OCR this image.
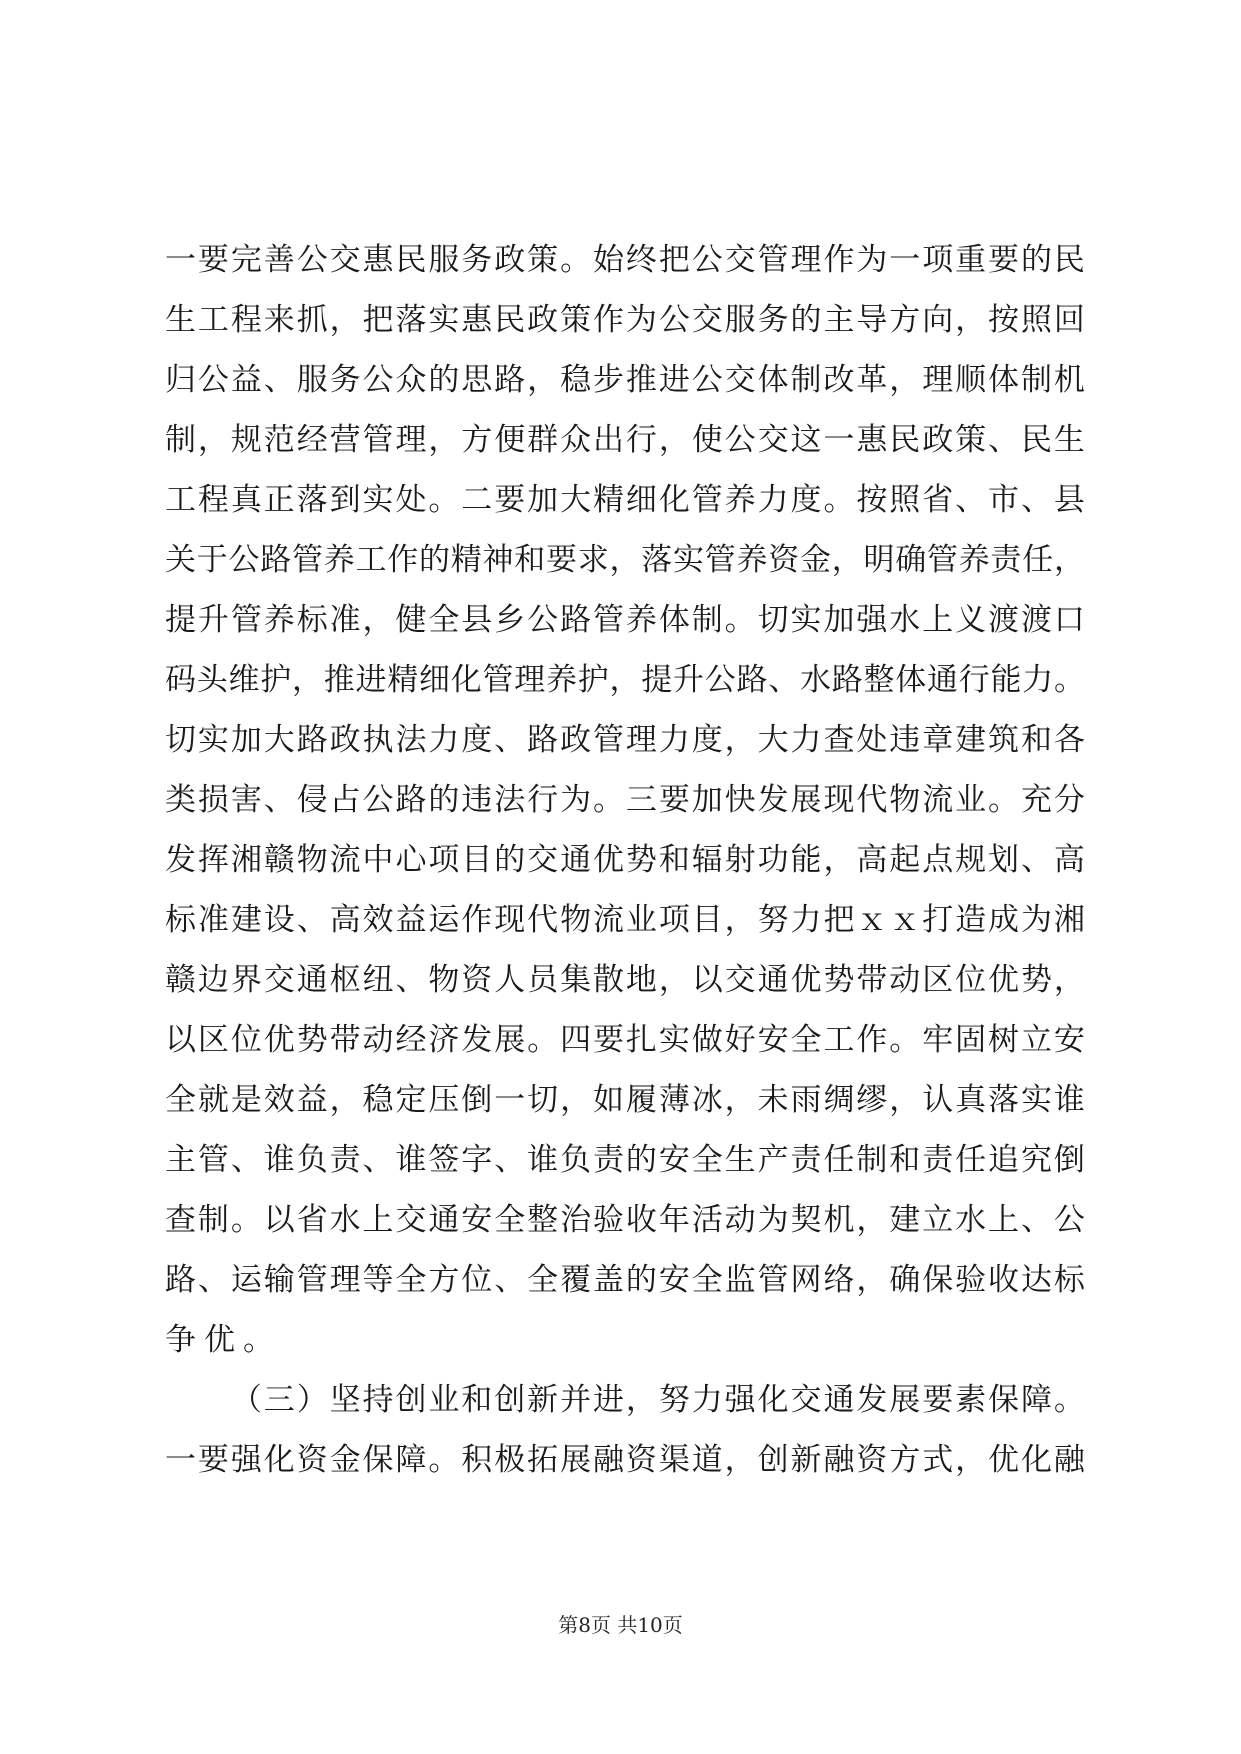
一 要 完 善 公 交 惠 民 服 务 政 策 。 始 终 把 公 交 管 理 作 为 一 项 重 要 的 民
生 工 程 来 抓 ， 把 落 实 惠 民 政 策 作 为 公 交 服 务 的 主 导 方 向 ， 按 照 回
归 公 益 、 服 务 公 众 的 思 路 ， 稳 步 推 进 公 交 体 制 改 革 ， 理 顺 体 制 机
制 ， 规 范 经 营 管 理 ， 方 便 群 众 出 行 ， 使 公 交 这 一 惠 民 政 策 、 民 生
工 程 真 正 落 到 实 处 。 二 要 加 大 精 细 化 管 养 力 度 。 按 照 省 、 市 、 县
关 于 公 路 管 养 工 作 的 精 神 和 要 求 ， 落 实 管 养 资 金 ， 明 确 管 养 责 任 ，
提 升 管 养 标 准 ， 健 全 县 乡 公 路 管 养 体 制 。 切 实 加 强 水 上 义 渡 渡 口
码 头 维 护 ， 推 进 精 细 化 管 理 养 护 ， 提 升 公 路 、 水 路 整 体 通 行 能 力 。
切 实 加 大 路 政 执 法 力 度 、 路 政 管 理 力 度 ， 大 力 查 处 违 章 建 筑 和 各
类 损 害 、 侵 占 公 路 的 违 法 行 为 。 三 要 加 快 发 展 现 代 物 流 业 。 充 分
发 挥 湘 赣 物 流 中 心 项 目 的 交 通 优 势 和 辐 射 功 能 ， 高 起 点 规 划 、 高
标 准 建 设 、 高 效 益 运 作 现 代 物 流 业 项 目 ， 努 力 把 ｘ ｘ 打 造 成 为 湘
赣 边 界 交 通 枢 纽 、 物 资 人 员 集 散 地 ， 以 交 通 优 势 带 动 区 位 优 势 ，
以 区 位 优 势 带 动 经 济 发 展 。 四 要 扎 实 做 好 安 全 工 作 。 牢 固 树 立 安
全 就 是 效 益 ， 稳 定 压 倒 一 切 ， 如 履 薄 冰 ， 未 雨 绸 缪 ， 认 真 落 实 谁
主 管 、 谁 负 责 、 谁 签 字 、 谁 负 责 的 安 全 生 产 责 任 制 和 责 任 追 究 倒
查 制 。 以 省 水 上 交 通 安 全 整 治 验 收 年 活 动 为 契 机 ， 建 立 水 上 、 公
路 、 运 输 管 理 等 全 方 位 、 全 覆 盖 的 安 全 监 管 网 络 ， 确 保 验 收 达 标
争优。

（ 三 ） 坚 持 创 业 和 创 新 并 进 ， 努 力 强 化 交 通 发 展 要 素 保 障 。
一 要 强 化 资 金 保 障 。 积 极 拓 展 融 资 渠 道 ， 创 新 融 资 方 式 ， 优 化 融
第8页 共10页
